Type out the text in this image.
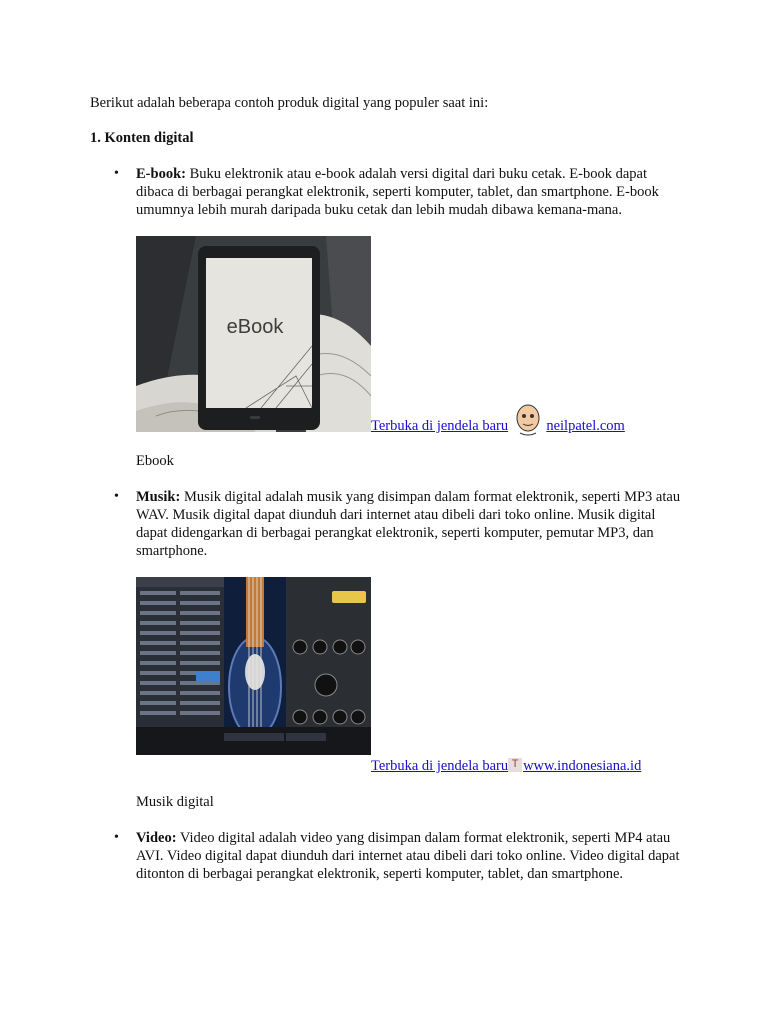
Berikut adalah beberapa contoh produk digital yang populer saat ini:

1. Konten digital

• E-book: Buku elektronik atau e-book adalah versi digital dari buku cetak. E-book dapat dibaca di berbagai perangkat elektronik, seperti komputer, tablet, dan smartphone. E-book umumnya lebih murah daripada buku cetak dan lebih mudah dibawa kemana-mana.
eBook
Terbuka di jendela baru	neilpatel.com
Ebook
• Musik: Musik digital adalah musik yang disimpan dalam format elektronik, seperti MP3 atau WAV. Musik digital dapat diunduh dari internet atau dibeli dari toko online. Musik digital dapat didengarkan di berbagai perangkat elektronik, seperti komputer, pemutar MP3, dan smartphone.
Terbuka di jendela baru T www.indonesiana.id
Musik digital
• Video: Video digital adalah video yang disimpan dalam format elektronik, seperti MP4 atau AVI. Video digital dapat diunduh dari internet atau dibeli dari toko online. Video digital dapat ditonton di berbagai perangkat elektronik, seperti komputer, tablet, dan smartphone.
